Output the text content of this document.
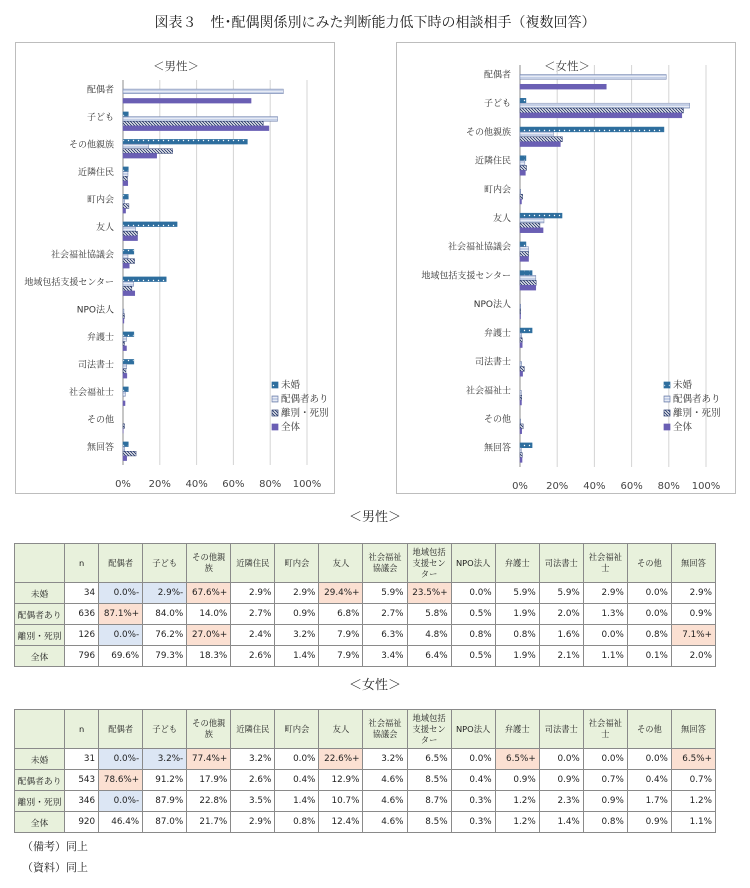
図表３　性･配偶関係別にみた判断能力低下時の相談相手（複数回答）
＜男性＞
0% 20% 40% 60% 80% 100%
配偶者
子ども
その他親族
近隣住民
町内会
友人
社会福祉協議会
地域包括支援センター
NPO法人
弁護士
司法書士
社会福祉士
その他
無回答
未婚
配偶者あり
離別・死別
全体
＜女性＞
0% 20% 40% 60% 80% 100%
配偶者
子ども
その他親族
近隣住民
町内会
友人
社会福祉協議会
地域包括支援センター
NPO法人
弁護士
司法書士
社会福祉士
その他
無回答
未婚
配偶者あり
離別・死別
全体
＜男性＞
	n	配偶者	子ども	その他親族	近隣住民	町内会	友人	社会福祉協議会	地域包括支援センター	NPO法人	弁護士	司法書士	社会福祉士	その他	無回答
未婚	34	0.0%-	2.9%-	67.6%+	2.9%	2.9%	29.4%+	5.9%	23.5%+	0.0%	5.9%	5.9%	2.9%	0.0%	2.9%
配偶者あり	636	87.1%+	84.0%	14.0%	2.7%	0.9%	6.8%	2.7%	5.8%	0.5%	1.9%	2.0%	1.3%	0.0%	0.9%
離別・死別	126	0.0%-	76.2%	27.0%+	2.4%	3.2%	7.9%	6.3%	4.8%	0.8%	0.8%	1.6%	0.0%	0.8%	7.1%+
全体	796	69.6%	79.3%	18.3%	2.6%	1.4%	7.9%	3.4%	6.4%	0.5%	1.9%	2.1%	1.1%	0.1%	2.0%
＜女性＞
	n	配偶者	子ども	その他親族	近隣住民	町内会	友人	社会福祉協議会	地域包括支援センター	NPO法人	弁護士	司法書士	社会福祉士	その他	無回答
未婚	31	0.0%-	3.2%-	77.4%+	3.2%	0.0%	22.6%+	3.2%	6.5%	0.0%	6.5%+	0.0%	0.0%	0.0%	6.5%+
配偶者あり	543	78.6%+	91.2%	17.9%	2.6%	0.4%	12.9%	4.6%	8.5%	0.4%	0.9%	0.9%	0.7%	0.4%	0.7%
離別・死別	346	0.0%-	87.9%	22.8%	3.5%	1.4%	10.7%	4.6%	8.7%	0.3%	1.2%	2.3%	0.9%	1.7%	1.2%
全体	920	46.4%	87.0%	21.7%	2.9%	0.8%	12.4%	4.6%	8.5%	0.3%	1.2%	1.4%	0.8%	0.9%	1.1%
（備考）同上
（資料）同上
